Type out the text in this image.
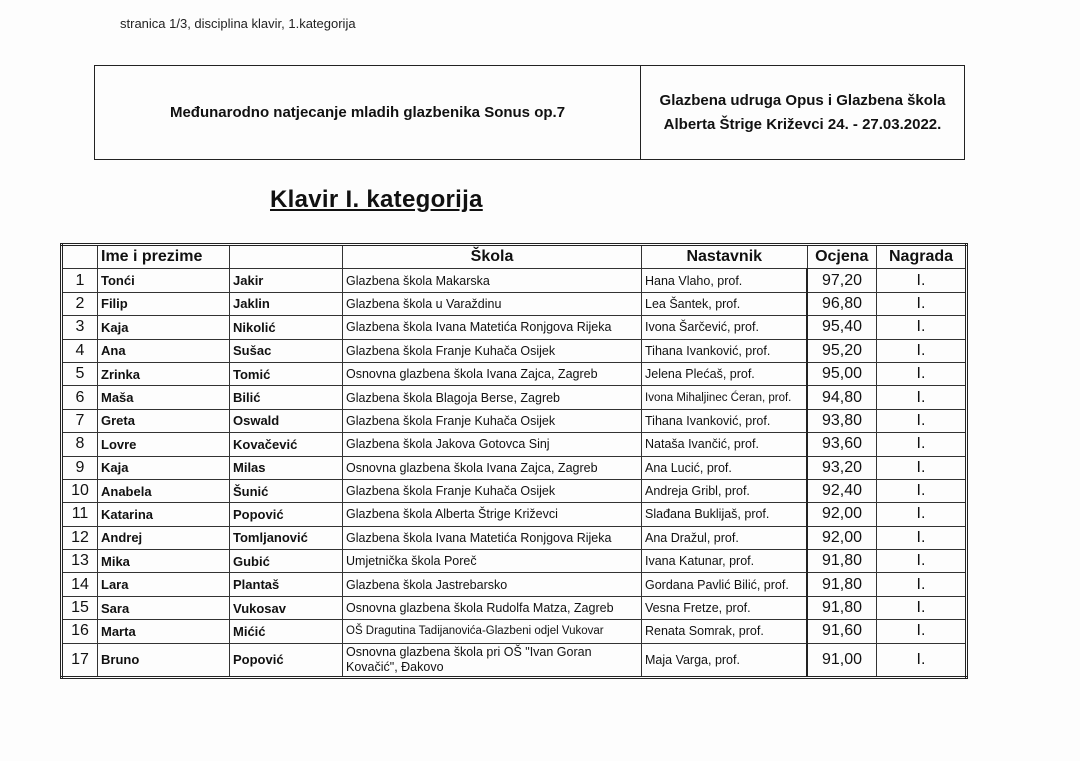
stranica 1/3, disciplina klavir, 1.kategorija
Međunarodno natjecanje mladih glazbenika Sonus op.7
Glazbena udruga Opus i Glazbena škola
Alberta Štrige Križevci 24. - 27.03.2022.
Klavir I. kategorija
	Ime i prezime		Škola	Nastavnik	Ocjena	Nagrada
1	Tonći	Jakir	Glazbena škola Makarska	Hana Vlaho, prof.	97,20	I.
2	Filip	Jaklin	Glazbena škola u Varaždinu	Lea Šantek, prof.	96,80	I.
3	Kaja	Nikolić	Glazbena škola Ivana Matetića Ronjgova Rijeka	Ivona Šarčević, prof.	95,40	I.
4	Ana	Sušac	Glazbena škola Franje Kuhača Osijek	Tihana Ivanković, prof.	95,20	I.
5	Zrinka	Tomić	Osnovna glazbena škola Ivana Zajca, Zagreb	Jelena Plećaš, prof.	95,00	I.
6	Maša	Bilić	Glazbena škola Blagoja Berse, Zagreb	Ivona Mihaljinec Ćeran, prof.	94,80	I.
7	Greta	Oswald	Glazbena škola Franje Kuhača Osijek	Tihana Ivanković, prof.	93,80	I.
8	Lovre	Kovačević	Glazbena škola Jakova Gotovca Sinj	Nataša Ivančić, prof.	93,60	I.
9	Kaja	Milas	Osnovna glazbena škola Ivana Zajca, Zagreb	Ana Lucić, prof.	93,20	I.
10	Anabela	Šunić	Glazbena škola Franje Kuhača Osijek	Andreja Gribl, prof.	92,40	I.
11	Katarina	Popović	Glazbena škola Alberta Štrige Križevci	Slađana Buklijaš, prof.	92,00	I.
12	Andrej	Tomljanović	Glazbena škola Ivana Matetića Ronjgova Rijeka	Ana Dražul, prof.	92,00	I.
13	Mika	Gubić	Umjetnička škola Poreč	Ivana Katunar, prof.	91,80	I.
14	Lara	Plantaš	Glazbena škola Jastrebarsko	Gordana Pavlić Bilić, prof.	91,80	I.
15	Sara	Vukosav	Osnovna glazbena škola Rudolfa Matza, Zagreb	Vesna Fretze, prof.	91,80	I.
16	Marta	Mićić	OŠ Dragutina Tadijanovića-Glazbeni odjel Vukovar	Renata Somrak, prof.	91,60	I.
17	Bruno	Popović	Osnovna glazbena škola pri OŠ "Ivan Goran Kovačić", Đakovo	Maja Varga, prof.	91,00	I.
